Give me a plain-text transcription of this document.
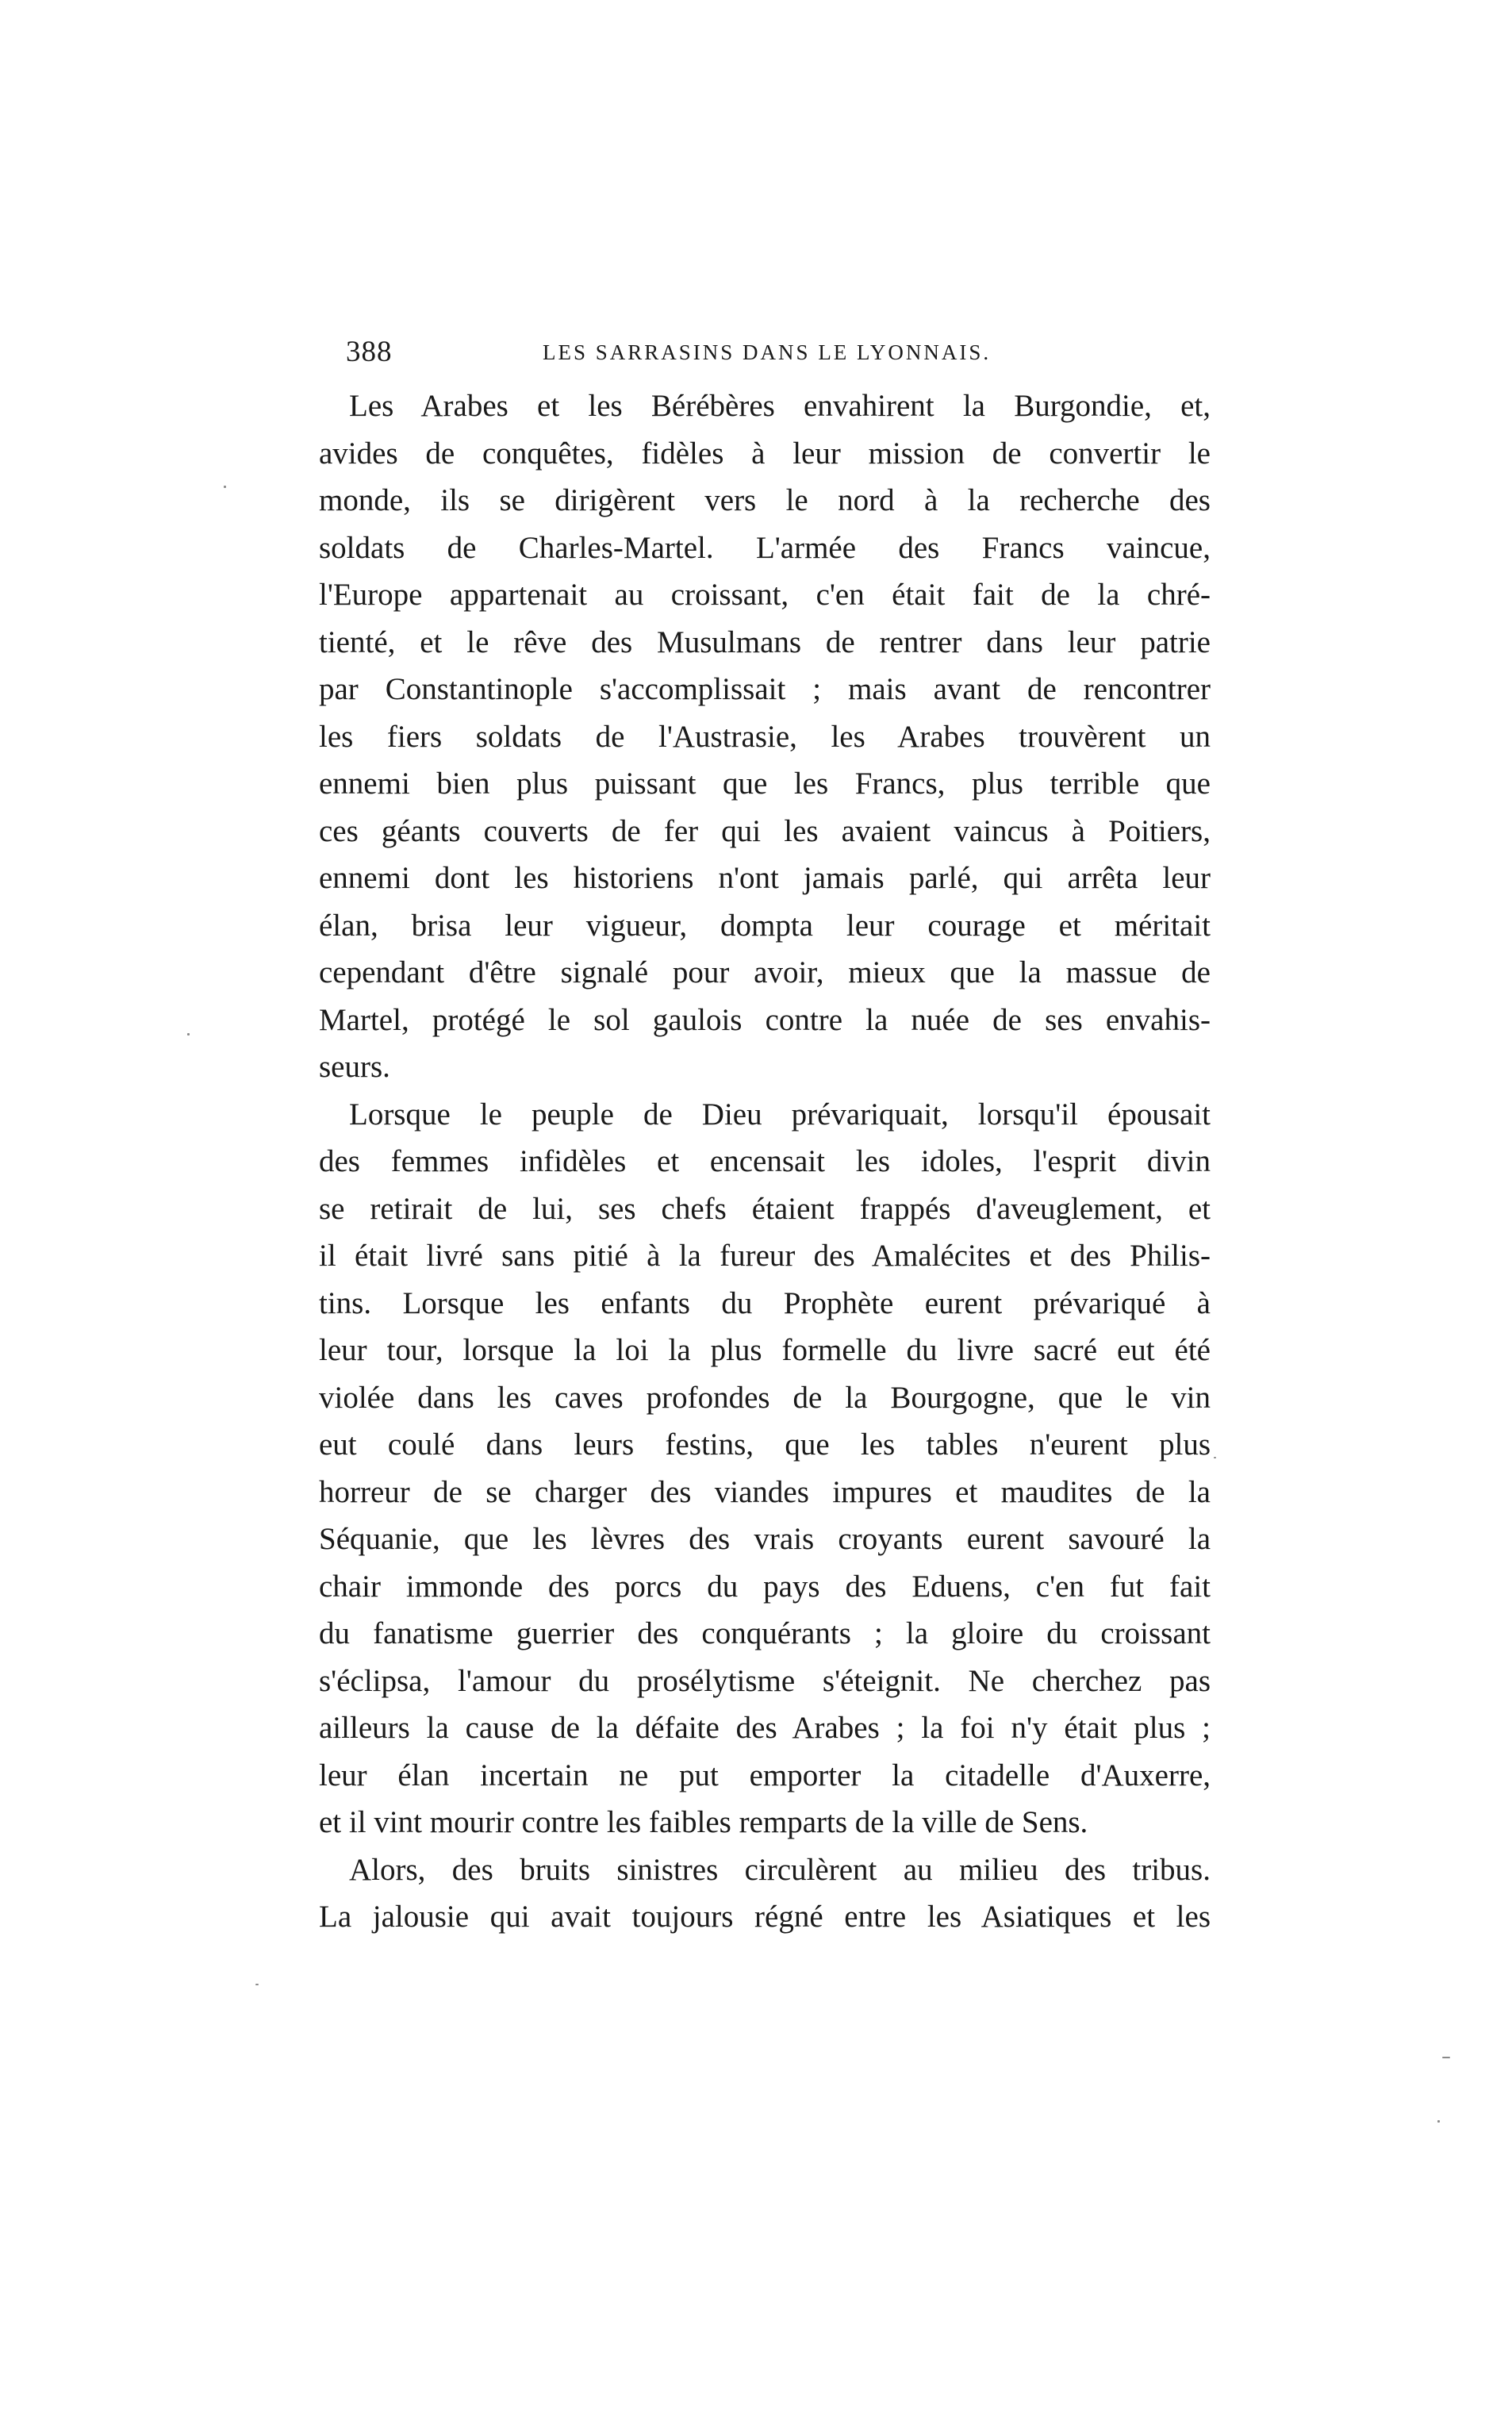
388	LES SARRASINS DANS LE LYONNAIS.
Les Arabes et les Bérébères envahirent la Burgondie, et,
avides de conquêtes, fidèles à leur mission de convertir le
monde, ils se dirigèrent vers le nord à la recherche des
soldats de Charles-Martel. L'armée des Francs vaincue,
l'Europe appartenait au croissant, c'en était fait de la chré-
tienté, et le rêve des Musulmans de rentrer dans leur patrie
par Constantinople s'accomplissait ; mais avant de rencontrer
les fiers soldats de l'Austrasie, les Arabes trouvèrent un
ennemi bien plus puissant que les Francs, plus terrible que
ces géants couverts de fer qui les avaient vaincus à Poitiers,
ennemi dont les historiens n'ont jamais parlé, qui arrêta leur
élan, brisa leur vigueur, dompta leur courage et méritait
cependant d'être signalé pour avoir, mieux que la massue de
Martel, protégé le sol gaulois contre la nuée de ses envahis-
seurs.
Lorsque le peuple de Dieu prévariquait, lorsqu'il épousait
des femmes infidèles et encensait les idoles, l'esprit divin
se retirait de lui, ses chefs étaient frappés d'aveuglement, et
il était livré sans pitié à la fureur des Amalécites et des Philis-
tins. Lorsque les enfants du Prophète eurent prévariqué à
leur tour, lorsque la loi la plus formelle du livre sacré eut été
violée dans les caves profondes de la Bourgogne, que le vin
eut coulé dans leurs festins, que les tables n'eurent plus
horreur de se charger des viandes impures et maudites de la
Séquanie, que les lèvres des vrais croyants eurent savouré la
chair immonde des porcs du pays des Eduens, c'en fut fait
du fanatisme guerrier des conquérants ; la gloire du croissant
s'éclipsa, l'amour du prosélytisme s'éteignit. Ne cherchez pas
ailleurs la cause de la défaite des Arabes ; la foi n'y était plus ;
leur élan incertain ne put emporter la citadelle d'Auxerre,
et il vint mourir contre les faibles remparts de la ville de Sens.
Alors, des bruits sinistres circulèrent au milieu des tribus.
La jalousie qui avait toujours régné entre les Asiatiques et les
